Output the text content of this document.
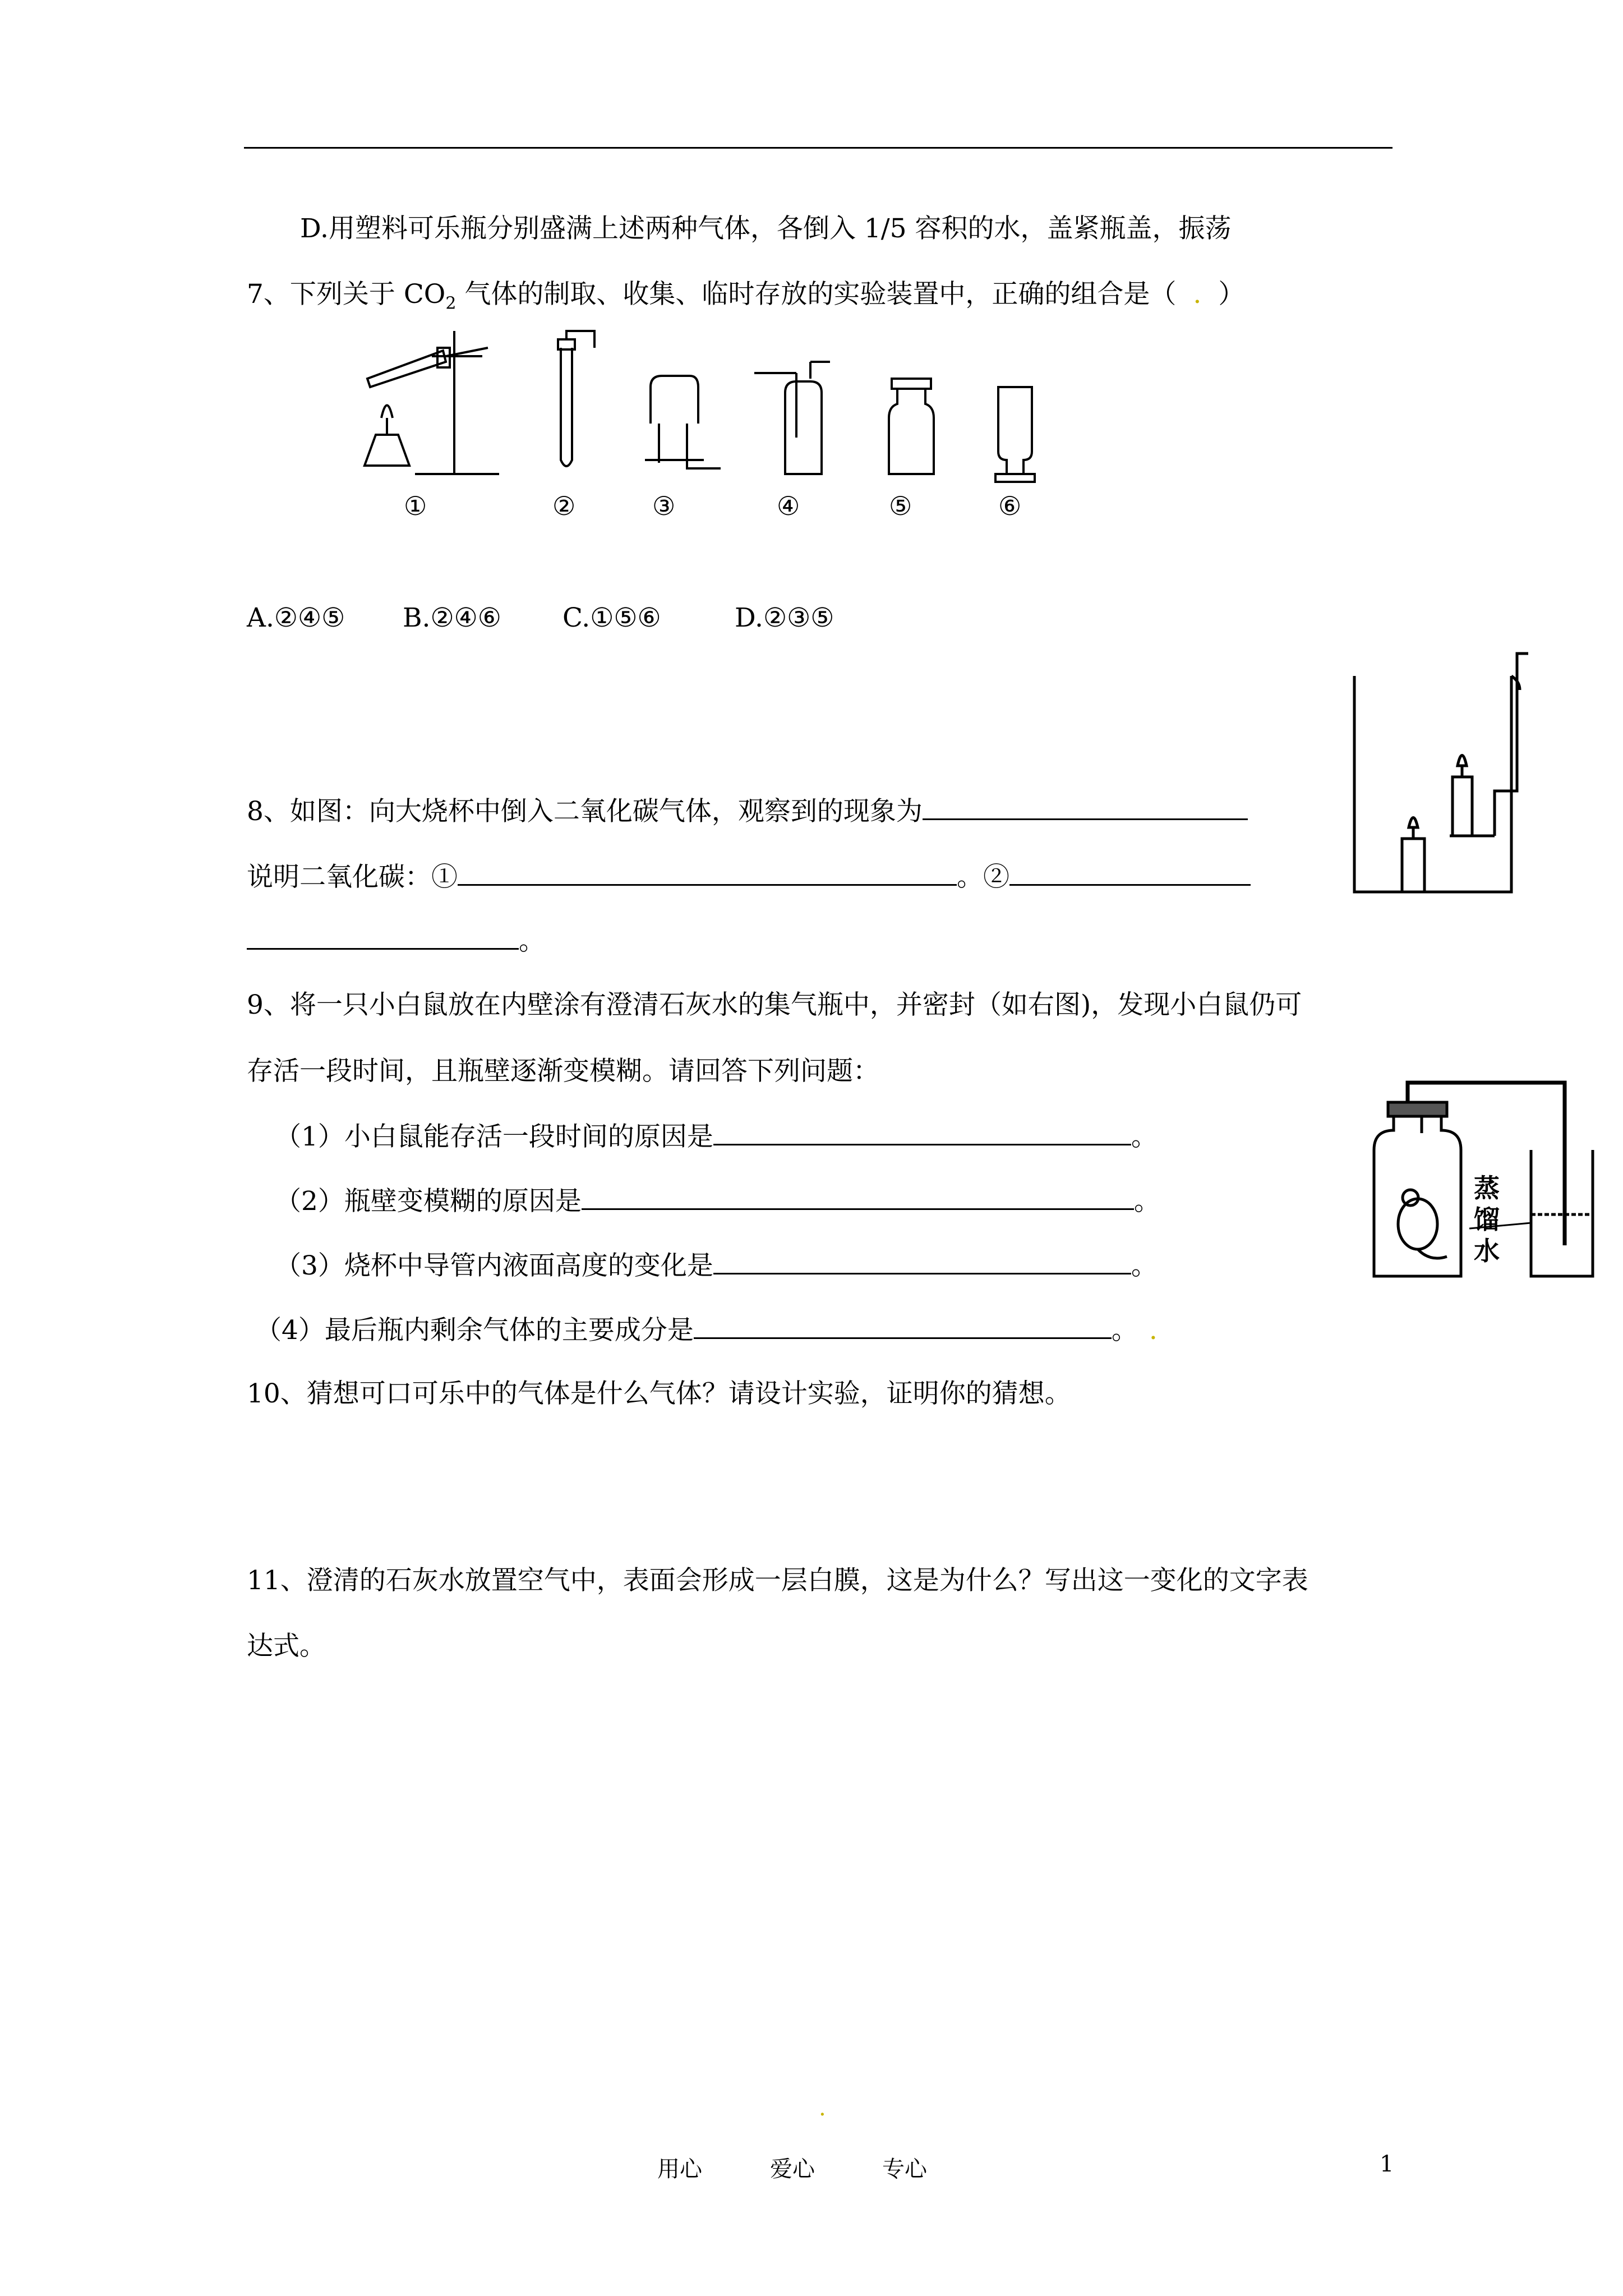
D.用塑料可乐瓶分别盛满上述两种气体，各倒入 1/5 容积的水，盖紧瓶盖，振荡
7、下列关于 $CO_2$ 气体的制取、收集、临时存放的实验装置中，正确的组合是（ . ）
①	②	③	④	⑤	⑥
A.②④⑤ B.②④⑥ C.①⑤⑥	D.②③⑤
8、如图：向大烧杯中倒入二氧化碳气体，观察到的现象为
说明二氧化碳：①	。②
。
9、将一只小白鼠放在内壁涂有澄清石灰水的集气瓶中，并密封（如右图)，发现小白鼠仍可
存活一段时间，且瓶壁逐渐变模糊。请回答下列问题：
（1）小白鼠能存活一段时间的原因是	。
（2）瓶壁变模糊的原因是	。
（3）烧杯中导管内液面高度的变化是	。
（4）最后瓶内剩余气体的主要成分是	。 .
蒸馏水
10、猜想可口可乐中的气体是什么气体？请设计实验，证明你的猜想。
11、澄清的石灰水放置空气中，表面会形成一层白膜，这是为什么？写出这一变化的文字表
达式。
.
用心	爱心	专心	1
